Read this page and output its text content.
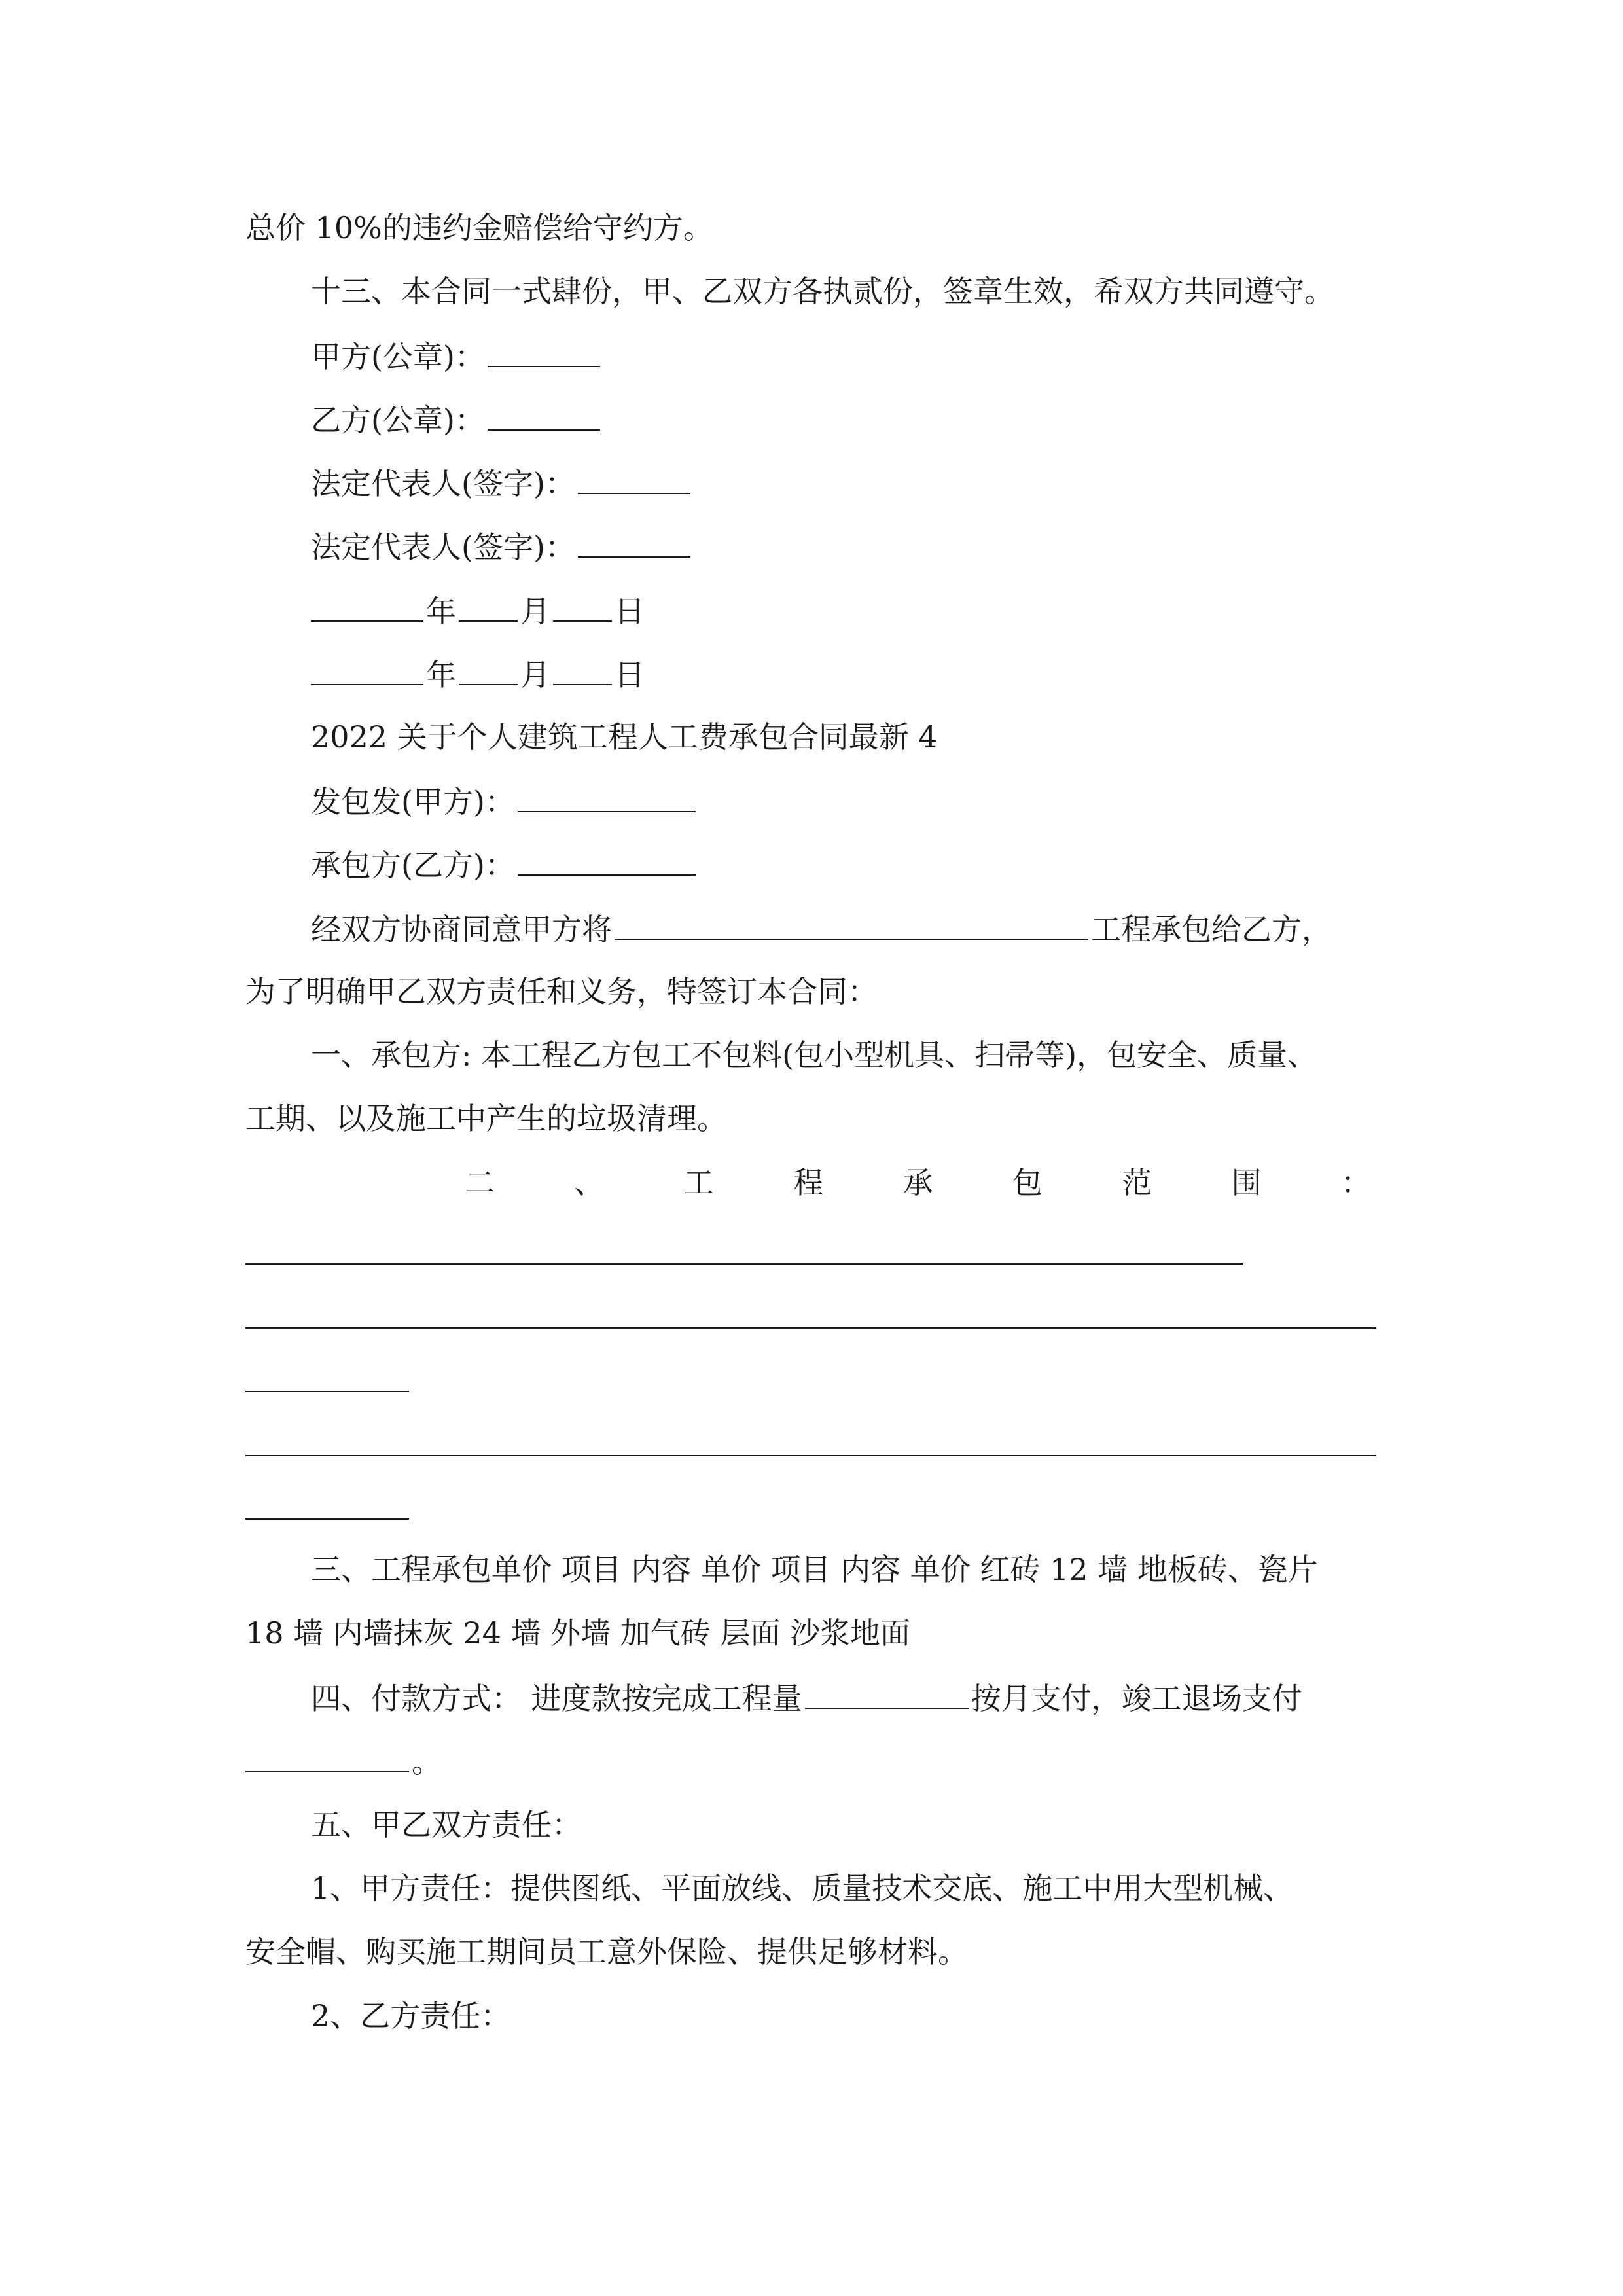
总价 10%的违约金赔偿给守约方。
十三、本合同一式肆份，甲、乙双方各执贰份，签章生效，希双方共同遵守。
甲方(公章)：
乙方(公章)：
法定代表人(签字)：
法定代表人(签字)：
年 月 日
年 月 日
2022 关于个人建筑工程人工费承包合同最新 4
发包发(甲方)：
承包方(乙方)：
经双方协商同意甲方将	工程承包给乙方，
为了明确甲乙双方责任和义务，特签订本合同：
一、承包方: 本工程乙方包工不包料(包小型机具、扫帚等)，包安全、质量、
工期、以及施工中产生的垃圾清理。
二	、	工	程	承	包	范	围	：
三、工程承包单价 项目 内容 单价 项目 内容 单价 红砖 12 墙 地板砖、瓷片
18 墙 内墙抹灰 24 墙 外墙 加气砖 层面 沙浆地面
四、付款方式： 进度款按完成工程量	按月支付，竣工退场支付
。
五、甲乙双方责任：
1、甲方责任：提供图纸、平面放线、质量技术交底、施工中用大型机械、
安全帽、购买施工期间员工意外保险、提供足够材料。
2、乙方责任：
